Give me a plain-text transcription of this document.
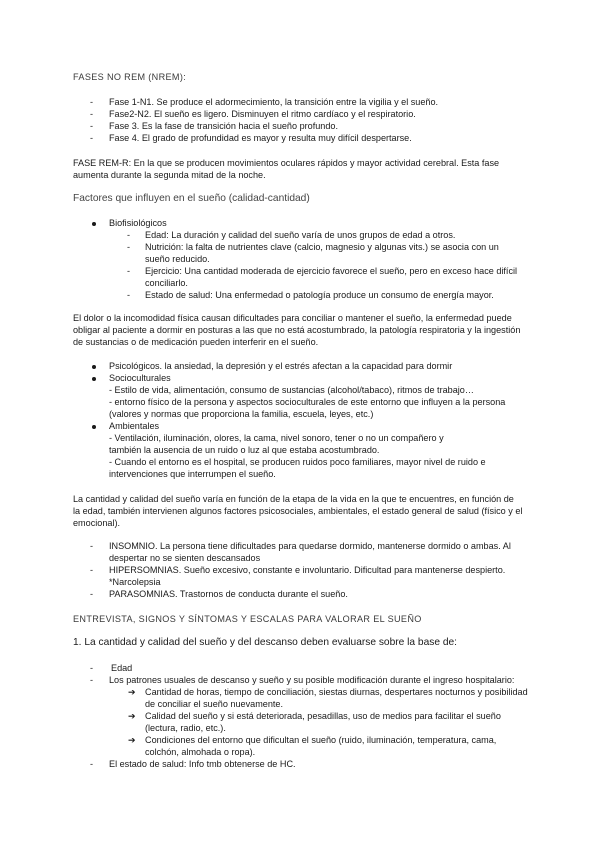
FASES NO REM (NREM):
- Fase 1-N1. Se produce el adormecimiento, la transición entre la vigilia y el sueño.
- Fase2-N2. El sueño es ligero. Disminuyen el ritmo cardíaco y el respiratorio.
- Fase 3. Es la fase de transición hacia el sueño profundo.
- Fase 4. El grado de profundidad es mayor y resulta muy difícil despertarse.
FASE REM-R: En la que se producen movimientos oculares rápidos y mayor actividad cerebral. Esta fase
aumenta durante la segunda mitad de la noche.
Factores que influyen en el sueño (calidad-cantidad)
Biofisiológicos
- Edad: La duración y calidad del sueño varía de unos grupos de edad a otros.
- Nutrición: la falta de nutrientes clave (calcio, magnesio y algunas vits.) se asocia con un
sueño reducido.
- Ejercicio: Una cantidad moderada de ejercicio favorece el sueño, pero en exceso hace difícil
conciliarlo.
- Estado de salud: Una enfermedad o patología produce un consumo de energía mayor.
El dolor o la incomodidad física causan dificultades para conciliar o mantener el sueño, la enfermedad puede
obligar al paciente a dormir en posturas a las que no está acostumbrado, la patología respiratoria y la ingestión
de sustancias o de medicación pueden interferir en el sueño.
Psicológicos. la ansiedad, la depresión y el estrés afectan a la capacidad para dormir
Socioculturales
- Estilo de vida, alimentación, consumo de sustancias (alcohol/tabaco), ritmos de trabajo…
- entorno físico de la persona y aspectos socioculturales de este entorno que influyen a la persona
(valores y normas que proporciona la familia, escuela, leyes, etc.)
Ambientales
- Ventilación, iluminación, olores, la cama, nivel sonoro, tener o no un compañero y
también la ausencia de un ruido o luz al que estaba acostumbrado.
- Cuando el entorno es el hospital, se producen ruidos poco familiares, mayor nivel de ruido e
intervenciones que interrumpen el sueño.
La cantidad y calidad del sueño varía en función de la etapa de la vida en la que te encuentres, en función de
la edad, también intervienen algunos factores psicosociales, ambientales, el estado general de salud (físico y el
emocional).
- INSOMNIO. La persona tiene dificultades para quedarse dormido, mantenerse dormido o ambas. Al
despertar no se sienten descansados
- HIPERSOMNIAS. Sueño excesivo, constante e involuntario. Dificultad para mantenerse despierto.
*Narcolepsia
- PARASOMNIAS. Trastornos de conducta durante el sueño.
ENTREVISTA, SIGNOS Y SÍNTOMAS Y ESCALAS PARA VALORAR EL SUEÑO
1. La cantidad y calidad del sueño y del descanso deben evaluarse sobre la base de:
- Edad
- Los patrones usuales de descanso y sueño y su posible modificación durante el ingreso hospitalario:
➔ Cantidad de horas, tiempo de conciliación, siestas diurnas, despertares nocturnos y posibilidad
de conciliar el sueño nuevamente.
➔ Calidad del sueño y si está deteriorada, pesadillas, uso de medios para facilitar el sueño
(lectura, radio, etc.).
➔ Condiciones del entorno que dificultan el sueño (ruido, iluminación, temperatura, cama,
colchón, almohada o ropa).
- El estado de salud: Info tmb obtenerse de HC.
